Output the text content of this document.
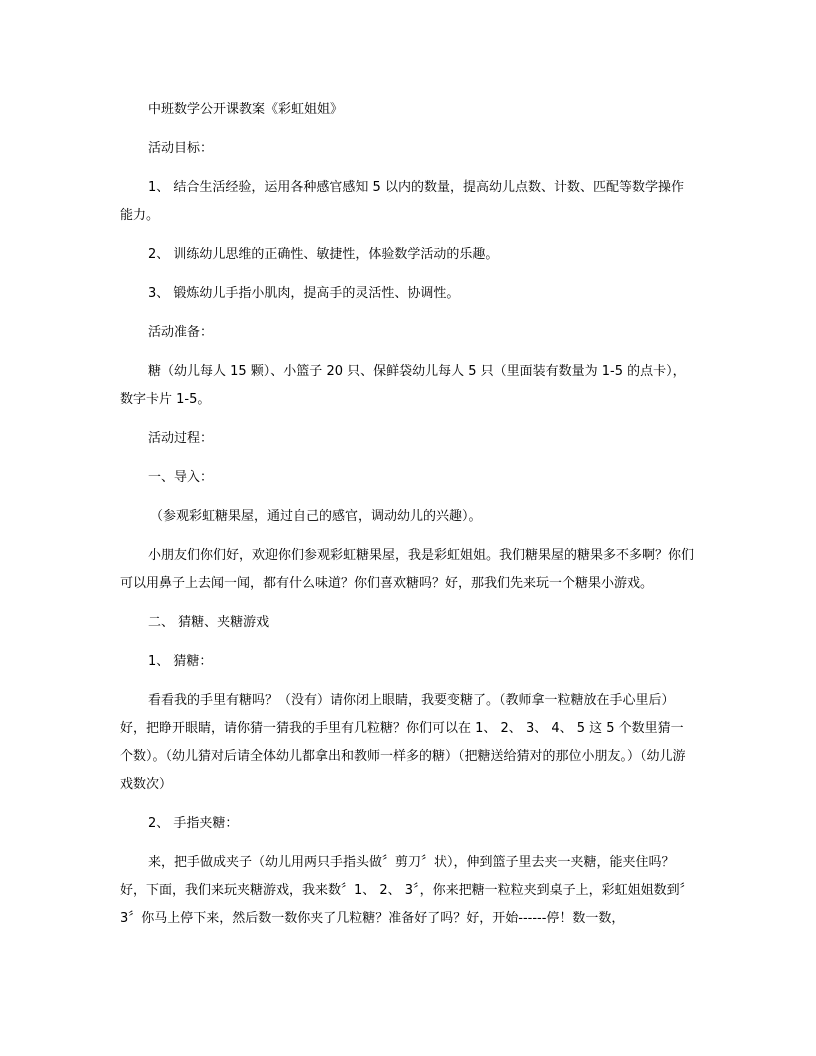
中班数学公开课教案《彩虹姐姐》

活动目标：

1、 结合生活经验，运用各种感官感知 5 以内的数量，提高幼儿点数、计数、匹配等数学操作能力。

2、 训练幼儿思维的正确性、敏捷性，体验数学活动的乐趣。

3、 锻炼幼儿手指小肌肉，提高手的灵活性、协调性。

活动准备：

糖（幼儿每人 15 颗）、小篮子 20 只、保鲜袋幼儿每人 5 只（里面装有数量为 1-5 的点卡），数字卡片 1-5。

活动过程：

一、导入：

（参观彩虹糖果屋，通过自己的感官，调动幼儿的兴趣）。

小朋友们你们好，欢迎你们参观彩虹糖果屋，我是彩虹姐姐。我们糖果屋的糖果多不多啊？你们可以用鼻子上去闻一闻，都有什么味道？你们喜欢糖吗？好，那我们先来玩一个糖果小游戏。

二、 猜糖、夹糖游戏

1、 猜糖：

看看我的手里有糖吗？（没有）请你闭上眼睛，我要变糖了。（教师拿一粒糖放在手心里后）好，把睁开眼睛，请你猜一猜我的手里有几粒糖？你们可以在 1、 2、 3、 4、 5 这 5 个数里猜一个数）。（幼儿猜对后请全体幼儿都拿出和教师一样多的糖）（把糖送给猜对的那位小朋友。）（幼儿游戏数次）

2、 手指夹糖：

来，把手做成夹子（幼儿用两只手指头做〞剪刀〞状），伸到篮子里去夹一夹糖，能夹住吗？好，下面，我们来玩夹糖游戏，我来数〞1、 2、 3〞，你来把糖一粒粒夹到桌子上，彩虹姐姐数到〞3〞你马上停下来，然后数一数你夹了几粒糖？准备好了吗？好，开始------停！数一数，
